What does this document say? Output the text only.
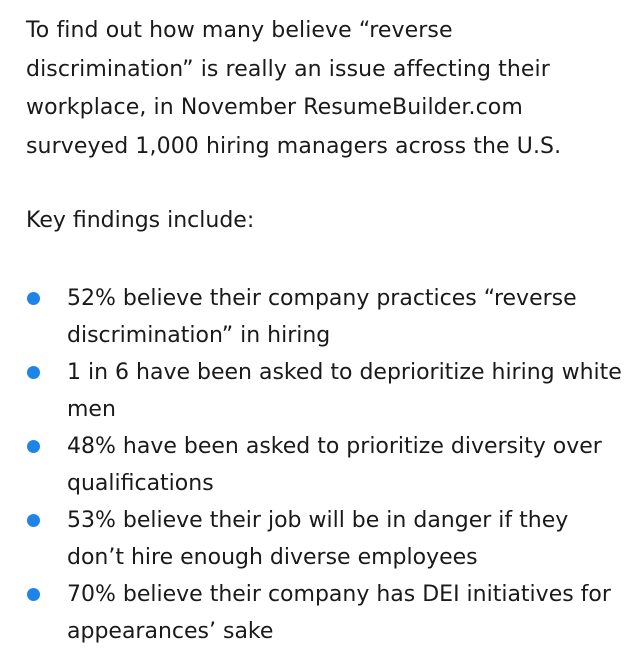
To find out how many believe “reverse discrimination” is really an issue affecting their workplace, in November ResumeBuilder.com surveyed 1,000 hiring managers across the U.S.

Key findings include:

52% believe their company practices “reverse discrimination” in hiring
1 in 6 have been asked to deprioritize hiring white men
48% have been asked to prioritize diversity over qualifications
53% believe their job will be in danger if they don’t hire enough diverse employees
70% believe their company has DEI initiatives for appearances’ sake
